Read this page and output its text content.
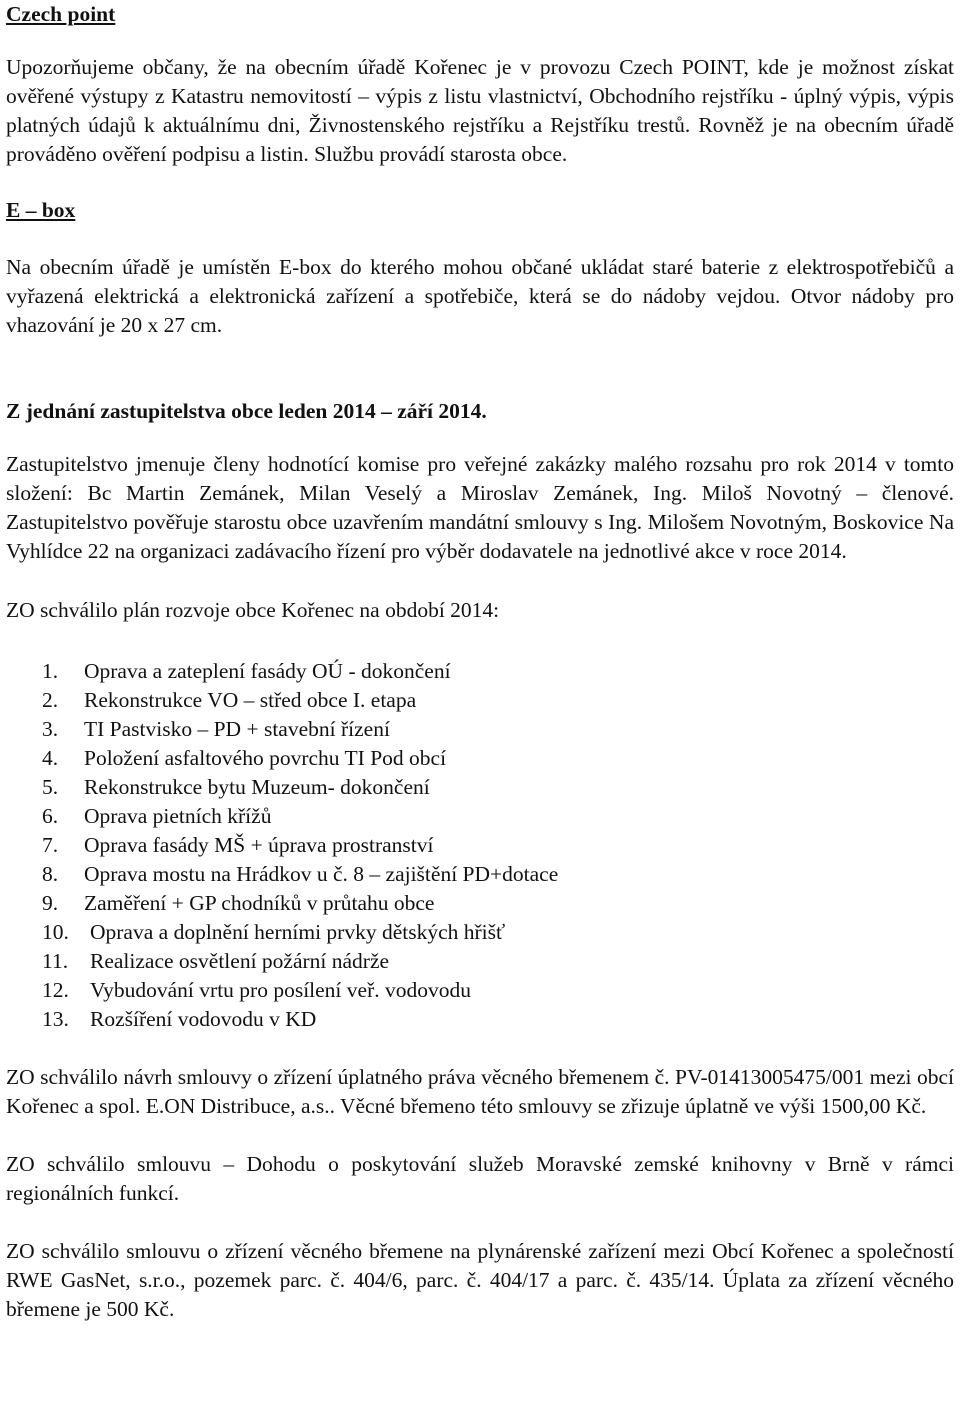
Czech point

Upozorňujeme občany, že na obecním úřadě Kořenec je v provozu Czech POINT, kde je možnost získat ověřené výstupy z Katastru nemovitostí – výpis z listu vlastnictví, Obchodního rejstříku - úplný výpis, výpis platných údajů k aktuálnímu dni, Živnostenského rejstříku a Rejstříku trestů. Rovněž je na obecním úřadě prováděno ověření podpisu a listin. Službu provádí starosta obce.

E – box

Na obecním úřadě je umístěn E-box do kterého mohou občané ukládat staré baterie z elektrospotřebičů a vyřazená elektrická a elektronická zařízení a spotřebiče, která se do nádoby vejdou. Otvor nádoby pro vhazování je 20 x 27 cm.

Z jednání zastupitelstva obce leden 2014 – září 2014.

Zastupitelstvo jmenuje členy hodnotící komise pro veřejné zakázky malého rozsahu pro rok 2014 v tomto složení: Bc Martin Zemánek, Milan Veselý a Miroslav Zemánek, Ing. Miloš Novotný – členové. Zastupitelstvo pověřuje starostu obce uzavřením mandátní smlouvy s Ing. Milošem Novotným, Boskovice Na Vyhlídce 22 na organizaci zadávacího řízení pro výběr dodavatele na jednotlivé akce v roce 2014.

ZO schválilo plán rozvoje obce Kořenec na období 2014:

1.	Oprava a zateplení fasády OÚ - dokončení
2.	Rekonstrukce VO – střed obce I. etapa
3.	TI Pastvisko – PD + stavební řízení
4.	Položení asfaltového povrchu TI Pod obcí
5.	Rekonstrukce bytu Muzeum- dokončení
6.	Oprava pietních křížů
7.	Oprava fasády MŠ + úprava prostranství
8.	Oprava mostu na Hrádkov u č. 8 – zajištění PD+dotace
9.	Zaměření + GP chodníků v průtahu obce
10. Oprava a doplnění herními prvky dětských hřišť
11.	Realizace osvětlení požární nádrže
12. Vybudování vrtu pro posílení veř. vodovodu
13. Rozšíření vodovodu v KD

ZO schválilo návrh smlouvy o zřízení úplatného práva věcného břemenem č. PV-01413005475/001 mezi obcí Kořenec a spol. E.ON Distribuce, a.s.. Věcné břemeno této smlouvy se zřizuje úplatně ve výši 1500,00 Kč.

ZO schválilo smlouvu – Dohodu o poskytování služeb Moravské zemské knihovny v Brně v rámci regionálních funkcí.

ZO schválilo smlouvu o zřízení věcného břemene na plynárenské zařízení mezi Obcí Kořenec a společností RWE GasNet, s.r.o., pozemek parc. č. 404/6, parc. č. 404/17 a parc. č. 435/14. Úplata za zřízení věcného břemene je 500 Kč.
